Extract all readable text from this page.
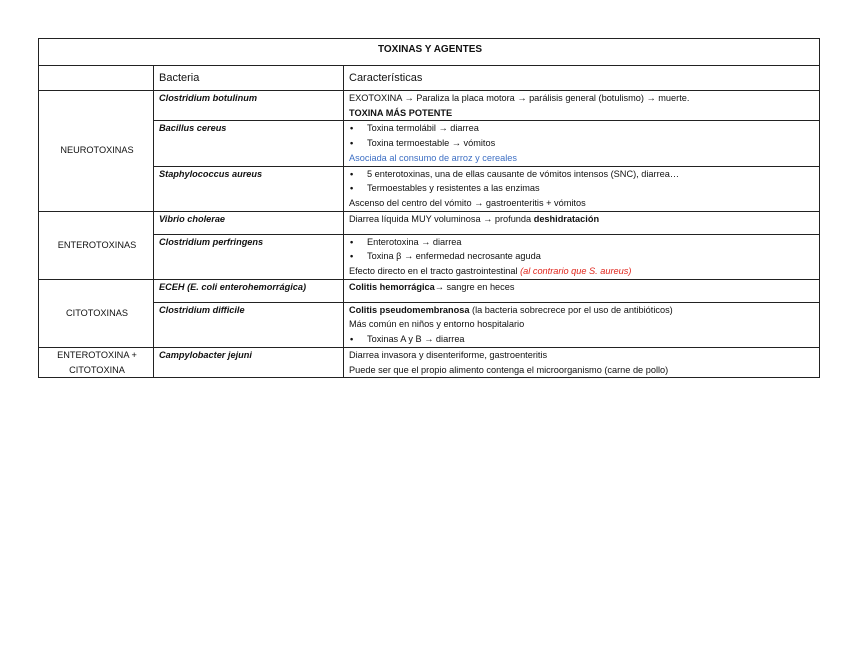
TOXINAS Y AGENTES		
	Bacteria	Características
NEUROTOXINAS	Clostridium botulinum	EXOTOXINA → Paraliza la placa motora → parálisis general (botulismo) → muerte.
TOXINA MÁS POTENTE

	Bacillus cereus	• Toxina termolábil → diarrea
• Toxina termoestable → vómitos
Asociada al consumo de arroz y cereales

	Staphylococcus aureus	• 5 enterotoxinas, una de ellas causante de vómitos intensos (SNC), diarrea…
• Termoestables y resistentes a las enzimas
Ascenso del centro del vómito → gastroenteritis + vómitos

ENTEROTOXINAS	Vibrio cholerae	Diarrea líquida MUY voluminosa → profunda deshidratación
	Clostridium perfringens	• Enterotoxina → diarrea
• Toxina β → enfermedad necrosante aguda
Efecto directo en el tracto gastrointestinal (al contrario que S. aureus)

CITOTOXINAS	ECEH (E. coli enterohemorrágica)	Colitis hemorrágica→ sangre en heces
	Clostridium difficile	Colitis pseudomembranosa (la bacteria sobrecrece por el uso de antibióticos)
Más común en niños y entorno hospitalario
• Toxinas A y B → diarrea

ENTEROTOXINA +
CITOTOXINA	Campylobacter jejuni	Diarrea invasora y disenteriforme, gastroenteritis
Puede ser que el propio alimento contenga el microorganismo (carne de pollo)
